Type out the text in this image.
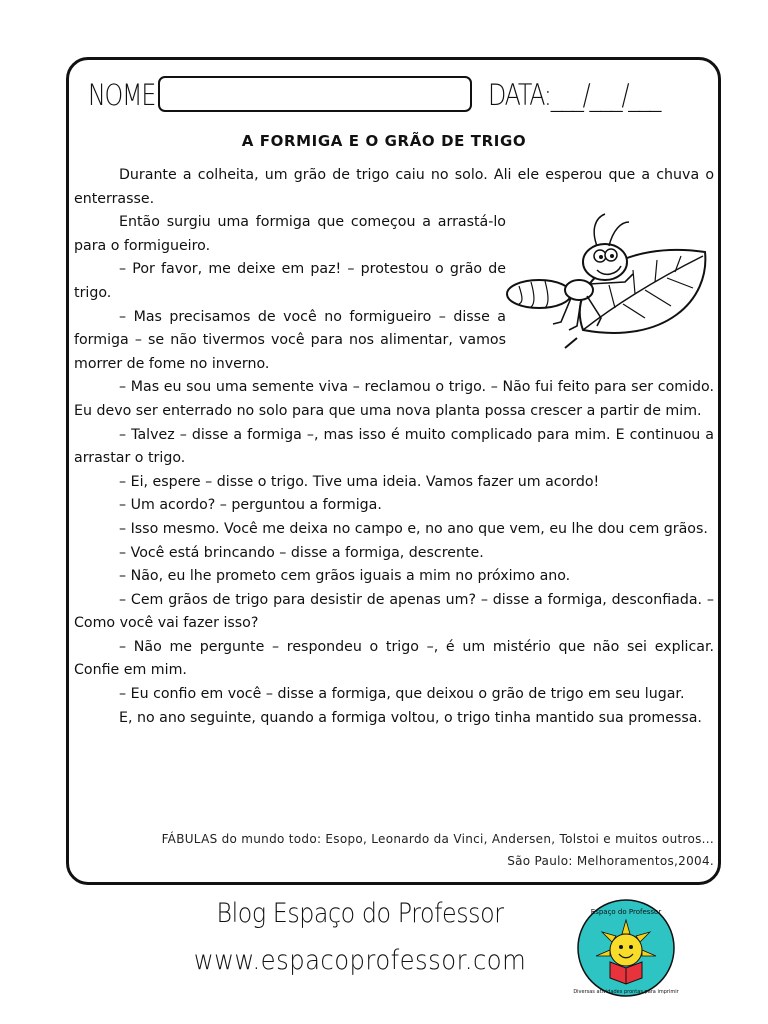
NOME:	DATA:___/___/___
A FORMIGA E O GRÃO DE TRIGO

Durante a colheita, um grão de trigo caiu no solo. Ali ele esperou que a chuva o enterrasse.

Então surgiu uma formiga que começou a arrastá-lo para o formigueiro.

– Por favor, me deixe em paz! – protestou o grão de trigo.

– Mas precisamos de você no formigueiro – disse a formiga – se não tivermos você para nos alimentar, vamos morrer de fome no inverno.

– Mas eu sou uma semente viva – reclamou o trigo. – Não fui feito para ser comido. Eu devo ser enterrado no solo para que uma nova planta possa crescer a partir de mim.

– Talvez – disse a formiga –, mas isso é muito complicado para mim. E continuou a arrastar o trigo.

– Ei, espere – disse o trigo. Tive uma ideia. Vamos fazer um acordo!

– Um acordo? – perguntou a formiga.

– Isso mesmo. Você me deixa no campo e, no ano que vem, eu lhe dou cem grãos.

– Você está brincando – disse a formiga, descrente.

– Não, eu lhe prometo cem grãos iguais a mim no próximo ano.

– Cem grãos de trigo para desistir de apenas um? – disse a formiga, desconfiada. – Como você vai fazer isso?

– Não me pergunte – respondeu o trigo –, é um mistério que não sei explicar. Confie em mim.

– Eu confio em você – disse a formiga, que deixou o grão de trigo em seu lugar.

E, no ano seguinte, quando a formiga voltou, o trigo tinha mantido sua promessa.

FÁBULAS do mundo todo: Esopo, Leonardo da Vinci, Andersen, Tolstoi e muitos outros...
São Paulo: Melhoramentos,2004.
Blog Espaço do Professor
www.espacoprofessor.com
Espaço do Professor
Diversas atividades prontas para imprimir
